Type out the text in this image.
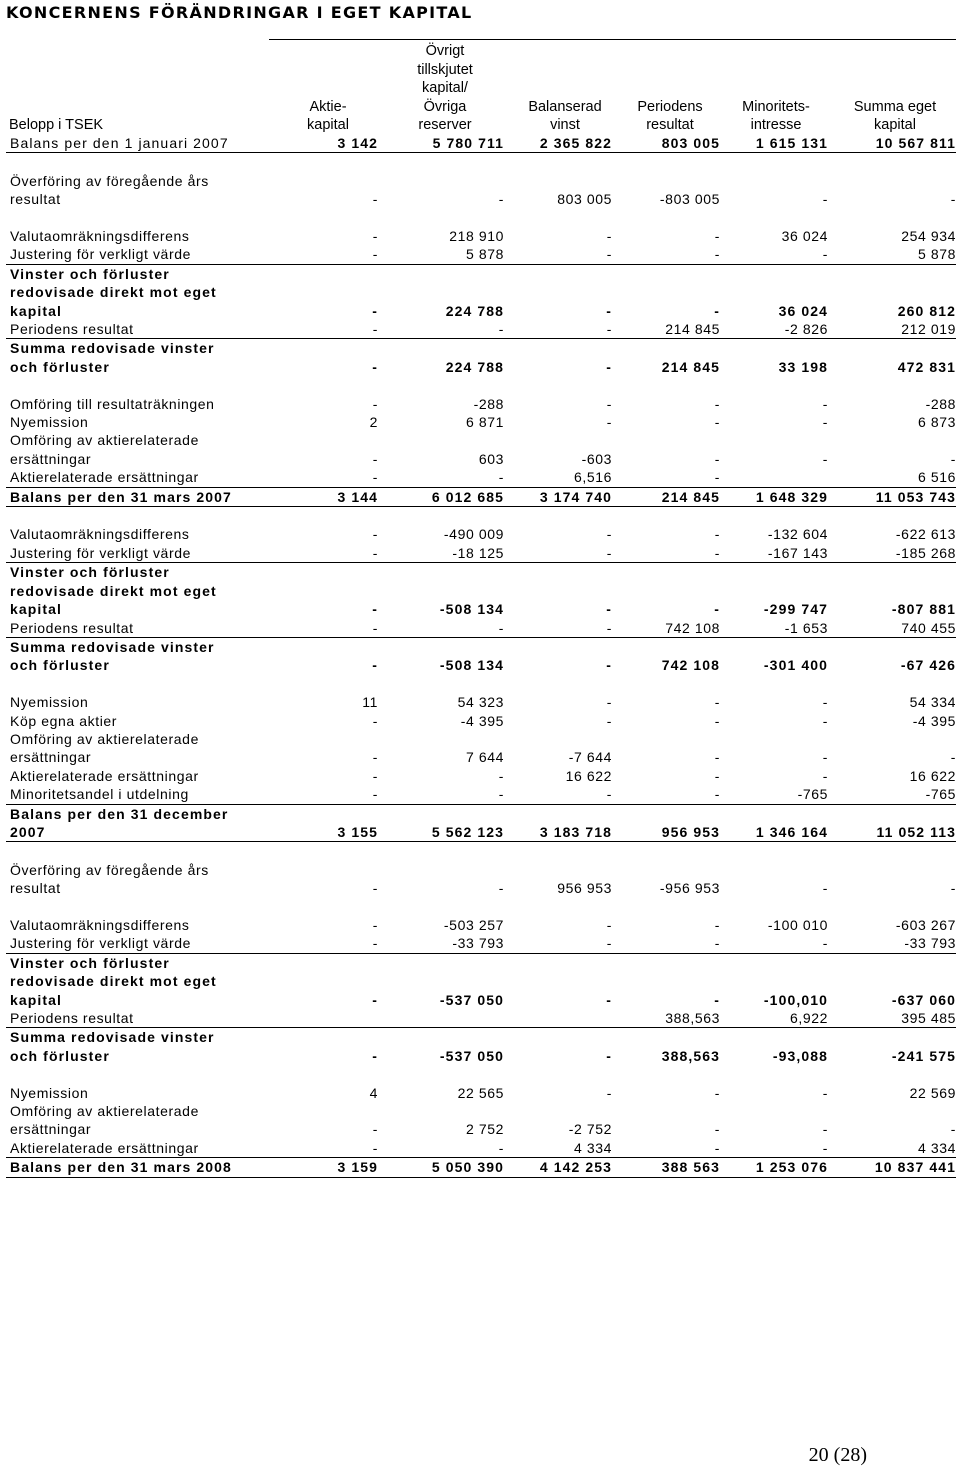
KONCERNENS FÖRÄNDRINGAR I EGET KAPITAL
Belopp i TSEK
Aktie-
kapital
Övrigt
tillskjutet
kapital/
Övriga
reserver
Balanserad
vinst
Periodens
resultat
Minoritets-
intresse
Summa eget
kapital
Balans per den 1 januari 2007	3 142	5 780 711	2 365 822	803 005	1 615 131	10 567 811

Överföring av föregående års
resultat	-	-	803 005	-803 005	-	-

Valutaomräkningsdifferens	-	218 910	-	-	36 024	254 934
Justering för verkligt värde	-	5 878	-	-	-	5 878
Vinster och förluster
redovisade direkt mot eget
kapital	-	224 788	-	-	36 024	260 812
Periodens resultat	-	-	-	214 845	-2 826	212 019
Summa redovisade vinster
och förluster	-	224 788	-	214 845	33 198	472 831

Omföring till resultaträkningen	-	-288	-	-	-	-288
Nyemission	2	6 871	-	-	-	6 873
Omföring av aktierelaterade
ersättningar	-	603	-603	-	-	-
Aktierelaterade ersättningar	-	-	6,516	-		6 516
Balans per den 31 mars 2007	3 144	6 012 685	3 174 740	214 845	1 648 329	11 053 743

Valutaomräkningsdifferens	-	-490 009	-	-	-132 604	-622 613
Justering för verkligt värde	-	-18 125	-	-	-167 143	-185 268
Vinster och förluster
redovisade direkt mot eget
kapital	-	-508 134	-	-	-299 747	-807 881
Periodens resultat	-	-	-	742 108	-1 653	740 455
Summa redovisade vinster
och förluster	-	-508 134	-	742 108	-301 400	-67 426

Nyemission	11	54 323	-	-	-	54 334
Köp egna aktier	-	-4 395	-	-	-	-4 395
Omföring av aktierelaterade
ersättningar	-	7 644	-7 644	-	-	-
Aktierelaterade ersättningar	-	-	16 622	-	-	16 622
Minoritetsandel i utdelning	-	-	-	-	-765	-765
Balans per den 31 december
2007	3 155	5 562 123	3 183 718	956 953	1 346 164	11 052 113

Överföring av föregående års
resultat	-	-	956 953	-956 953	-	-

Valutaomräkningsdifferens	-	-503 257	-	-	-100 010	-603 267
Justering för verkligt värde	-	-33 793	-	-	-	-33 793
Vinster och förluster
redovisade direkt mot eget
kapital	-	-537 050	-	-	-100,010	-637 060
Periodens resultat				388,563	6,922	395 485
Summa redovisade vinster
och förluster	-	-537 050	-	388,563	-93,088	-241 575

Nyemission	4	22 565	-	-	-	22 569
Omföring av aktierelaterade
ersättningar	-	2 752	-2 752	-	-	-
Aktierelaterade ersättningar	-	-	4 334	-	-	4 334
Balans per den 31 mars 2008	3 159	5 050 390	4 142 253	388 563	1 253 076	10 837 441
20 (28)
